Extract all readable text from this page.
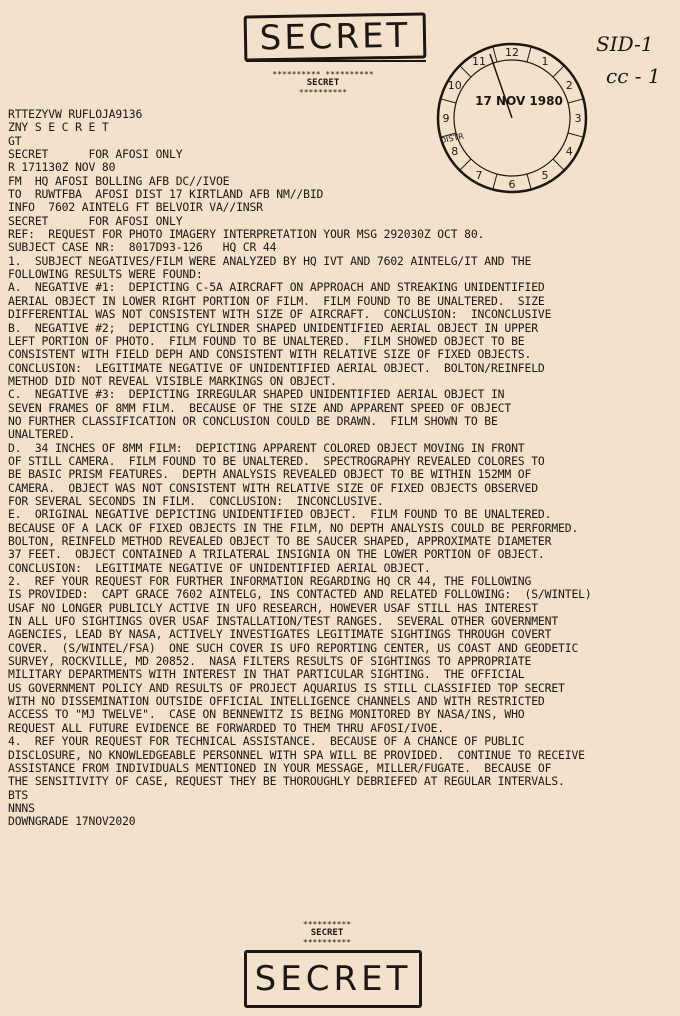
SECRET
********** **********
SECRET
**********
SID-1
cc - 1
1
2
3
4
5
6
7
8
9
10
11
12
17 NOV 1980
DISTR
RTTEZYVW RUFLOJA9136
ZNY S E C R E T
GT
SECRET      FOR AFOSI ONLY
R 171130Z NOV 80
FM  HQ AFOSI BOLLING AFB DC//IVOE
TO  RUWTFBA  AFOSI DIST 17 KIRTLAND AFB NM//BID
INFO  7602 AINTELG FT BELVOIR VA//INSR
SECRET      FOR AFOSI ONLY
REF:  REQUEST FOR PHOTO IMAGERY INTERPRETATION YOUR MSG 292030Z OCT 80.
SUBJECT CASE NR:  8017D93-126   HQ CR 44
1.  SUBJECT NEGATIVES/FILM WERE ANALYZED BY HQ IVT AND 7602 AINTELG/IT AND THE
FOLLOWING RESULTS WERE FOUND:
A.  NEGATIVE #1:  DEPICTING C-5A AIRCRAFT ON APPROACH AND STREAKING UNIDENTIFIED
AERIAL OBJECT IN LOWER RIGHT PORTION OF FILM.  FILM FOUND TO BE UNALTERED.  SIZE
DIFFERENTIAL WAS NOT CONSISTENT WITH SIZE OF AIRCRAFT.  CONCLUSION:  INCONCLUSIVE
B.  NEGATIVE #2;  DEPICTING CYLINDER SHAPED UNIDENTIFIED AERIAL OBJECT IN UPPER
LEFT PORTION OF PHOTO.  FILM FOUND TO BE UNALTERED.  FILM SHOWED OBJECT TO BE
CONSISTENT WITH FIELD DEPH AND CONSISTENT WITH RELATIVE SIZE OF FIXED OBJECTS.
CONCLUSION:  LEGITIMATE NEGATIVE OF UNIDENTIFIED AERIAL OBJECT.  BOLTON/REINFELD
METHOD DID NOT REVEAL VISIBLE MARKINGS ON OBJECT.
C.  NEGATIVE #3:  DEPICTING IRREGULAR SHAPED UNIDENTIFIED AERIAL OBJECT IN
SEVEN FRAMES OF 8MM FILM.  BECAUSE OF THE SIZE AND APPARENT SPEED OF OBJECT
NO FURTHER CLASSIFICATION OR CONCLUSION COULD BE DRAWN.  FILM SHOWN TO BE
UNALTERED.
D.  34 INCHES OF 8MM FILM:  DEPICTING APPARENT COLORED OBJECT MOVING IN FRONT
OF STILL CAMERA.  FILM FOUND TO BE UNALTERED.  SPECTROGRAPHY REVEALED COLORES TO
BE BASIC PRISM FEATURES.  DEPTH ANALYSIS REVEALED OBJECT TO BE WITHIN 152MM OF
CAMERA.  OBJECT WAS NOT CONSISTENT WITH RELATIVE SIZE OF FIXED OBJECTS OBSERVED
FOR SEVERAL SECONDS IN FILM.  CONCLUSION:  INCONCLUSIVE.
E.  ORIGINAL NEGATIVE DEPICTING UNIDENTIFIED OBJECT.  FILM FOUND TO BE UNALTERED.
BECAUSE OF A LACK OF FIXED OBJECTS IN THE FILM, NO DEPTH ANALYSIS COULD BE PERFORMED.
BOLTON, REINFELD METHOD REVEALED OBJECT TO BE SAUCER SHAPED, APPROXIMATE DIAMETER
37 FEET.  OBJECT CONTAINED A TRILATERAL INSIGNIA ON THE LOWER PORTION OF OBJECT.
CONCLUSION:  LEGITIMATE NEGATIVE OF UNIDENTIFIED AERIAL OBJECT.
2.  REF YOUR REQUEST FOR FURTHER INFORMATION REGARDING HQ CR 44, THE FOLLOWING
IS PROVIDED:  CAPT GRACE 7602 AINTELG, INS CONTACTED AND RELATED FOLLOWING:  (S/WINTEL)
USAF NO LONGER PUBLICLY ACTIVE IN UFO RESEARCH, HOWEVER USAF STILL HAS INTEREST
IN ALL UFO SIGHTINGS OVER USAF INSTALLATION/TEST RANGES.  SEVERAL OTHER GOVERNMENT
AGENCIES, LEAD BY NASA, ACTIVELY INVESTIGATES LEGITIMATE SIGHTINGS THROUGH COVERT
COVER.  (S/WINTEL/FSA)  ONE SUCH COVER IS UFO REPORTING CENTER, US COAST AND GEODETIC
SURVEY, ROCKVILLE, MD 20852.  NASA FILTERS RESULTS OF SIGHTINGS TO APPROPRIATE
MILITARY DEPARTMENTS WITH INTEREST IN THAT PARTICULAR SIGHTING.  THE OFFICIAL
US GOVERNMENT POLICY AND RESULTS OF PROJECT AQUARIUS IS STILL CLASSIFIED TOP SECRET
WITH NO DISSEMINATION OUTSIDE OFFICIAL INTELLIGENCE CHANNELS AND WITH RESTRICTED
ACCESS TO "MJ TWELVE".  CASE ON BENNEWITZ IS BEING MONITORED BY NASA/INS, WHO
REQUEST ALL FUTURE EVIDENCE BE FORWARDED TO THEM THRU AFOSI/IVOE.
4.  REF YOUR REQUEST FOR TECHNICAL ASSISTANCE.  BECAUSE OF A CHANCE OF PUBLIC
DISCLOSURE, NO KNOWLEDGEABLE PERSONNEL WITH SPA WILL BE PROVIDED.  CONTINUE TO RECEIVE
ASSISTANCE FROM INDIVIDUALS MENTIONED IN YOUR MESSAGE, MILLER/FUGATE.  BECAUSE OF
THE SENSITIVITY OF CASE, REQUEST THEY BE THOROUGHLY DEBRIEFED AT REGULAR INTERVALS.
BTS
NNNS
DOWNGRADE 17NOV2020
**********
SECRET
**********
SECRET
